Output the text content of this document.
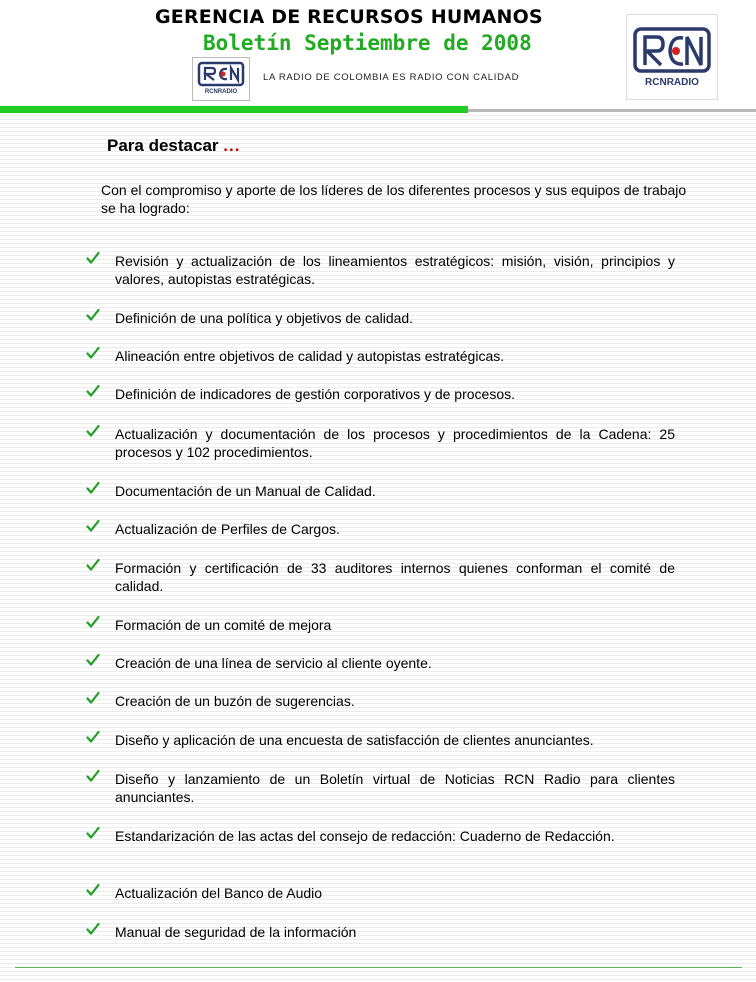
GERENCIA DE RECURSOS HUMANOS
Boletín Septiembre de 2008
RCNRADIO
LA RADIO DE COLOMBIA ES RADIO CON CALIDAD	RCNRADIO
Para destacar ...
Con el compromiso y aporte de los líderes de los diferentes procesos y sus equipos de trabajo se ha logrado:
Revisión y actualización de los lineamientos estratégicos: misión, visión, principios y valores, autopistas estratégicas.
Definición de una política y objetivos de calidad.
Alineación entre objetivos de calidad y autopistas estratégicas.
Definición de indicadores de gestión corporativos y de procesos.
Actualización y documentación de los procesos y procedimientos de la Cadena: 25 procesos y 102 procedimientos.
Documentación de un Manual de Calidad.
Actualización de Perfiles de Cargos.
Formación y certificación de 33 auditores internos quienes conforman el comité de calidad.
Formación de un comité de mejora
Creación de una línea de servicio al cliente oyente.
Creación de un buzón de sugerencias.
Diseño y aplicación de una encuesta de satisfacción de clientes anunciantes.
Diseño y lanzamiento de un Boletín virtual de Noticias RCN Radio para clientes anunciantes.
Estandarización de las actas del consejo de redacción: Cuaderno de Redacción.
Actualización del Banco de Audio
Manual de seguridad de la información
